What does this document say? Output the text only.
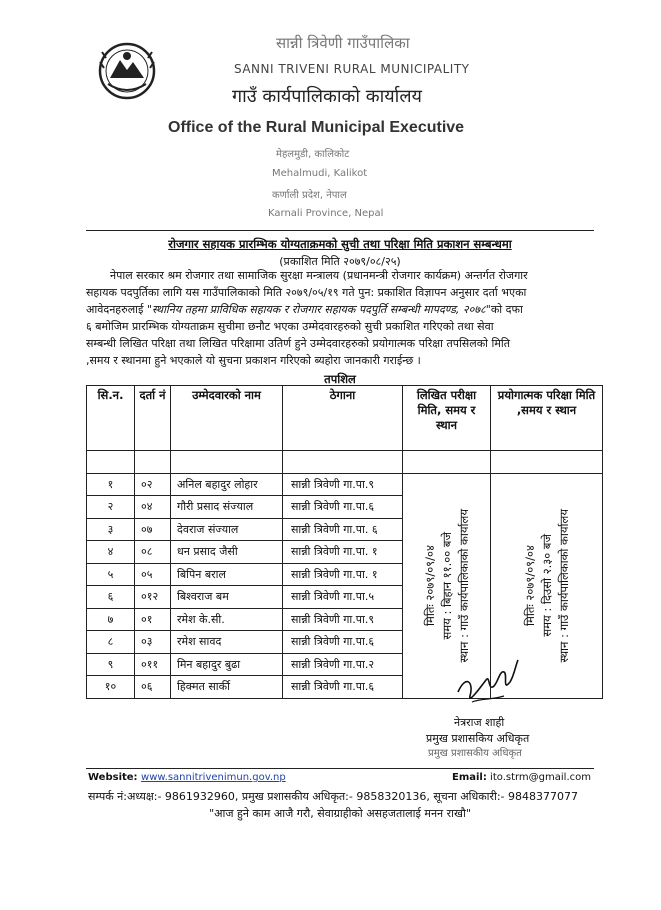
सान्नी त्रिवेणी गाउँपालिका
SANNI TRIVENI RURAL MUNICIPALITY
गाउँ कार्यपालिकाको कार्यालय
Office of the Rural Municipal Executive
मेहलमुडी, कालिकोट
Mehalmudi, Kalikot
कर्णाली प्रदेश, नेपाल
Karnali Province, Nepal
रोजगार सहायक प्रारम्भिक योग्यताक्रमको सुची तथा परिक्षा मिति प्रकाशन सम्बन्धमा
(प्रकाशित मिति २०७९/०८/२५)
नेपाल सरकार श्रम रोजगार तथा सामाजिक सुरक्षा मन्त्रालय (प्रधानमन्त्री रोजगार कार्यक्रम) अन्तर्गत रोजगार
सहायक पदपुर्तिका लागि यस गाउँपालिकाको मिति २०७९/०५/१९ गते पुन: प्रकाशित विज्ञापन अनुसार दर्ता भएका
आवेदनहरुलाई "स्थानिय तहमा प्राविधिक सहायक र रोजगार सहायक पदपुर्ति सम्बन्धी मापदण्ड, २०७८"को दफा
६ बमोजिम प्रारम्भिक योग्यताक्रम सुचीमा छनौट भएका उम्मेदवारहरुको सुची प्रकाशित गरिएको तथा सेवा
सम्बन्धी लिखित परिक्षा तथा लिखित परिक्षामा उतिर्ण हुने उम्मेदवारहरुको प्रयोगात्मक परिक्षा तपसिलको मिति
,समय र स्थानमा हुने भएकाले यो सुचना प्रकाशन गरिएको ब्यहोरा जानकारी गराईन्छ ।
तपशिल
सि.न.	दर्ता नं	उम्मेदवारको नाम	ठेगाना	लिखित परीक्षा मिति, समय र स्थान	प्रयोगात्मक परिक्षा मिति ,समय र स्थान

१	०२	अनिल बहादुर लोहार	सान्नी त्रिवेणी गा.पा.९	मितिः २०७९/०९/०४ समय : बिहान ११.०० बजे स्थान : गाउँ कार्यपालिकाको कार्यालय	मितिः २०७९/०९/०४ समय : दिउसो २.३० बजे स्थान : गाउँ कार्यपालिकाको कार्यालय

२	०४	गौरी प्रसाद संज्याल	सान्नी त्रिवेणी गा.पा.६		
३	०७	देवराज संज्याल	सान्नी त्रिवेणी गा.पा. ६		
४	०८	धन प्रसाद जैसी	सान्नी त्रिवेणी गा.पा. १		
५	०५	बिपिन बराल	सान्नी त्रिवेणी गा.पा. १		
६	०१२	बिश्वराज बम	सान्नी त्रिवेणी गा.पा.५		
७	०१	रमेश के.सी.	सान्नी त्रिवेणी गा.पा.९		
८	०३	रमेश सावद	सान्नी त्रिवेणी गा.पा.६		
९	०११	मिन बहादुर बुढा	सान्नी त्रिवेणी गा.पा.२		
१०	०६	हिक्मत सार्की	सान्नी त्रिवेणी गा.पा.६		
नेत्रराज शाही
प्रमुख प्रशासकिय अधिकृत
प्रमुख प्रशासकीय अधिकृत
Website: www.sannitrivenimun.gov.np	Email: ito.strm@gmail.com
सम्पर्क नं:अध्यक्ष:- 9861932960, प्रमुख प्रशासकीय अधिकृत:- 9858320136, सूचना अधिकारी:- 9848377077
"आज हुने काम आजै गरौ, सेवाग्राहीको असहजतालाई मनन राखौ"
